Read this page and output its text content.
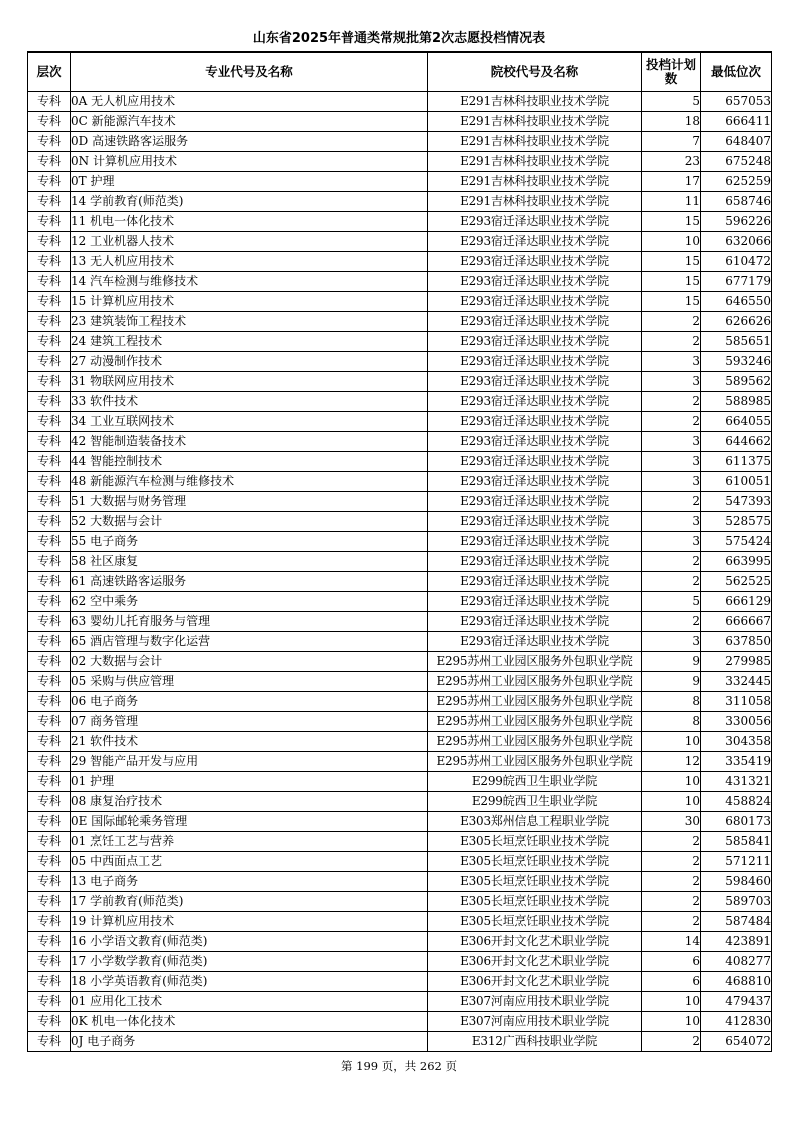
山东省2025年普通类常规批第2次志愿投档情况表
层次	专业代号及名称	院校代号及名称	投档计划数	最低位次
专科	0A 无人机应用技术	E291吉林科技职业技术学院	5	657053
专科	0C 新能源汽车技术	E291吉林科技职业技术学院	18	666411
专科	0D 高速铁路客运服务	E291吉林科技职业技术学院	7	648407
专科	0N 计算机应用技术	E291吉林科技职业技术学院	23	675248
专科	0T 护理	E291吉林科技职业技术学院	17	625259
专科	14 学前教育(师范类)	E291吉林科技职业技术学院	11	658746
专科	11 机电一体化技术	E293宿迁泽达职业技术学院	15	596226
专科	12 工业机器人技术	E293宿迁泽达职业技术学院	10	632066
专科	13 无人机应用技术	E293宿迁泽达职业技术学院	15	610472
专科	14 汽车检测与维修技术	E293宿迁泽达职业技术学院	15	677179
专科	15 计算机应用技术	E293宿迁泽达职业技术学院	15	646550
专科	23 建筑装饰工程技术	E293宿迁泽达职业技术学院	2	626626
专科	24 建筑工程技术	E293宿迁泽达职业技术学院	2	585651
专科	27 动漫制作技术	E293宿迁泽达职业技术学院	3	593246
专科	31 物联网应用技术	E293宿迁泽达职业技术学院	3	589562
专科	33 软件技术	E293宿迁泽达职业技术学院	2	588985
专科	34 工业互联网技术	E293宿迁泽达职业技术学院	2	664055
专科	42 智能制造装备技术	E293宿迁泽达职业技术学院	3	644662
专科	44 智能控制技术	E293宿迁泽达职业技术学院	3	611375
专科	48 新能源汽车检测与维修技术	E293宿迁泽达职业技术学院	3	610051
专科	51 大数据与财务管理	E293宿迁泽达职业技术学院	2	547393
专科	52 大数据与会计	E293宿迁泽达职业技术学院	3	528575
专科	55 电子商务	E293宿迁泽达职业技术学院	3	575424
专科	58 社区康复	E293宿迁泽达职业技术学院	2	663995
专科	61 高速铁路客运服务	E293宿迁泽达职业技术学院	2	562525
专科	62 空中乘务	E293宿迁泽达职业技术学院	5	666129
专科	63 婴幼儿托育服务与管理	E293宿迁泽达职业技术学院	2	666667
专科	65 酒店管理与数字化运营	E293宿迁泽达职业技术学院	3	637850
专科	02 大数据与会计	E295苏州工业园区服务外包职业学院	9	279985
专科	05 采购与供应管理	E295苏州工业园区服务外包职业学院	9	332445
专科	06 电子商务	E295苏州工业园区服务外包职业学院	8	311058
专科	07 商务管理	E295苏州工业园区服务外包职业学院	8	330056
专科	21 软件技术	E295苏州工业园区服务外包职业学院	10	304358
专科	29 智能产品开发与应用	E295苏州工业园区服务外包职业学院	12	335419
专科	01 护理	E299皖西卫生职业学院	10	431321
专科	08 康复治疗技术	E299皖西卫生职业学院	10	458824
专科	0E 国际邮轮乘务管理	E303郑州信息工程职业学院	30	680173
专科	01 烹饪工艺与营养	E305长垣烹饪职业技术学院	2	585841
专科	05 中西面点工艺	E305长垣烹饪职业技术学院	2	571211
专科	13 电子商务	E305长垣烹饪职业技术学院	2	598460
专科	17 学前教育(师范类)	E305长垣烹饪职业技术学院	2	589703
专科	19 计算机应用技术	E305长垣烹饪职业技术学院	2	587484
专科	16 小学语文教育(师范类)	E306开封文化艺术职业学院	14	423891
专科	17 小学数学教育(师范类)	E306开封文化艺术职业学院	6	408277
专科	18 小学英语教育(师范类)	E306开封文化艺术职业学院	6	468810
专科	01 应用化工技术	E307河南应用技术职业学院	10	479437
专科	0K 机电一体化技术	E307河南应用技术职业学院	10	412830
专科	0J 电子商务	E312广西科技职业学院	2	654072
第 199 页，共 262 页
